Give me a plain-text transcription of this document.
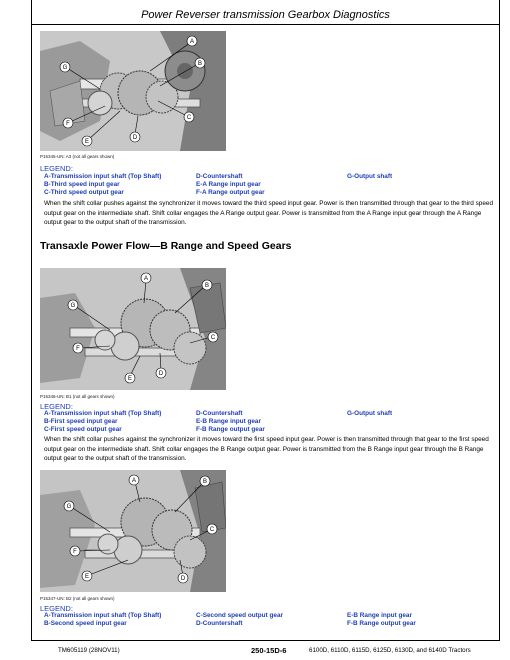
Power Reverser transmission Gearbox Diagnostics
A
B
G
C
F
E
D
P15345-UN: A3 (not all gears shown)
LEGEND:
A-Transmission input shaft (Top Shaft)	D-Countershaft	G-Output shaft
B-Third speed input gear	E-A Range input gear
C-Third speed output gear	F-A Range output gear
When the shift collar pushes against the synchronizer it moves toward the third speed input gear. Power is then transmitted through that gear to the third speed output gear on the intermediate shaft. Shift collar engages the A Range output gear. Power is transmitted from the A Range input gear through the A Range output gear to the output shaft of the transmission.
Transaxle Power Flow—B Range and Speed Gears
A
B
G
C
F
E
D
P15346-UN: B1 (not all gears shown)
LEGEND:
A-Transmission input shaft (Top Shaft)	D-Countershaft	G-Output shaft
B-First speed input gear	E-B Range input gear
C-First speed output gear	F-B Range output gear
When the shift collar pushes against the synchronizer it moves toward the first speed input gear. Power is then transmitted through that gear to the first speed output gear on the intermediate shaft. Shift collar engages the B Range output gear. Power is transmitted from the B Range input gear through the B Range output gear to the output shaft of the transmission.
A	B
G
C
F
E	D
P15347-UN: B2 (not all gears shown)
LEGEND:
A-Transmission input shaft (Top Shaft)	C-Second speed output gear	E-B Range input gear
B-Second speed input gear	D-Countershaft	F-B Range output gear
TM605119 (28NOV11)	250-15D-6	6100D, 6110D, 6115D, 6125D, 6130D, and 6140D Tractors
